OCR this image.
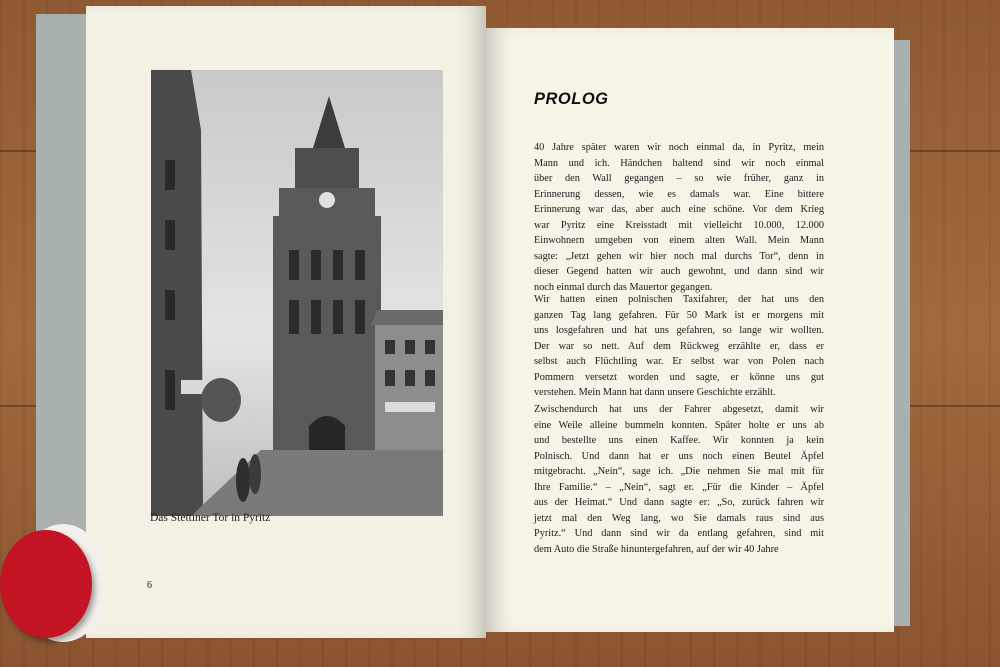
Das Stettiner Tor in Pyritz
6
PROLOG
40 Jahre später waren wir noch einmal da, in Pyritz, mein
Mann und ich. Händchen haltend sind wir noch einmal
über den Wall gegangen – so wie früher, ganz in
Erinnerung dessen, wie es damals war. Eine bittere
Erinnerung war das, aber auch eine schöne. Vor dem Krieg
war Pyritz eine Kreisstadt mit vielleicht 10.000, 12.000
Einwohnern umgeben von einem alten Wall. Mein Mann
sagte: „Jetzt gehen wir hier noch mal durchs Tor“, denn in
dieser Gegend hatten wir auch gewohnt, und dann sind wir
noch einmal durch das Mauertor gegangen.
Wir hatten einen polnischen Taxifahrer, der hat uns den
ganzen Tag lang gefahren. Für 50 Mark ist er morgens mit
uns losgefahren und hat uns gefahren, so lange wir wollten.
Der war so nett. Auf dem Rückweg erzählte er, dass er
selbst auch Flüchtling war. Er selbst war von Polen nach
Pommern versetzt worden und sagte, er könne uns gut
verstehen. Mein Mann hat dann unsere Geschichte erzählt.
Zwischendurch hat uns der Fahrer abgesetzt, damit wir
eine Weile alleine bummeln konnten. Später holte er uns ab
und bestellte uns einen Kaffee. Wir konnten ja kein
Polnisch. Und dann hat er uns noch einen Beutel Äpfel
mitgebracht. „Nein“, sage ich. „Die nehmen Sie mal mit für
Ihre Familie.“ – „Nein“, sagt er. „Für die Kinder – Äpfel
aus der Heimat.“ Und dann sagte er: „So, zurück fahren wir
jetzt mal den Weg lang, wo Sie damals raus sind aus
Pyritz.“ Und dann sind wir da entlang gefahren, sind mit
dem Auto die Straße hinuntergefahren, auf der wir 40 Jahre
